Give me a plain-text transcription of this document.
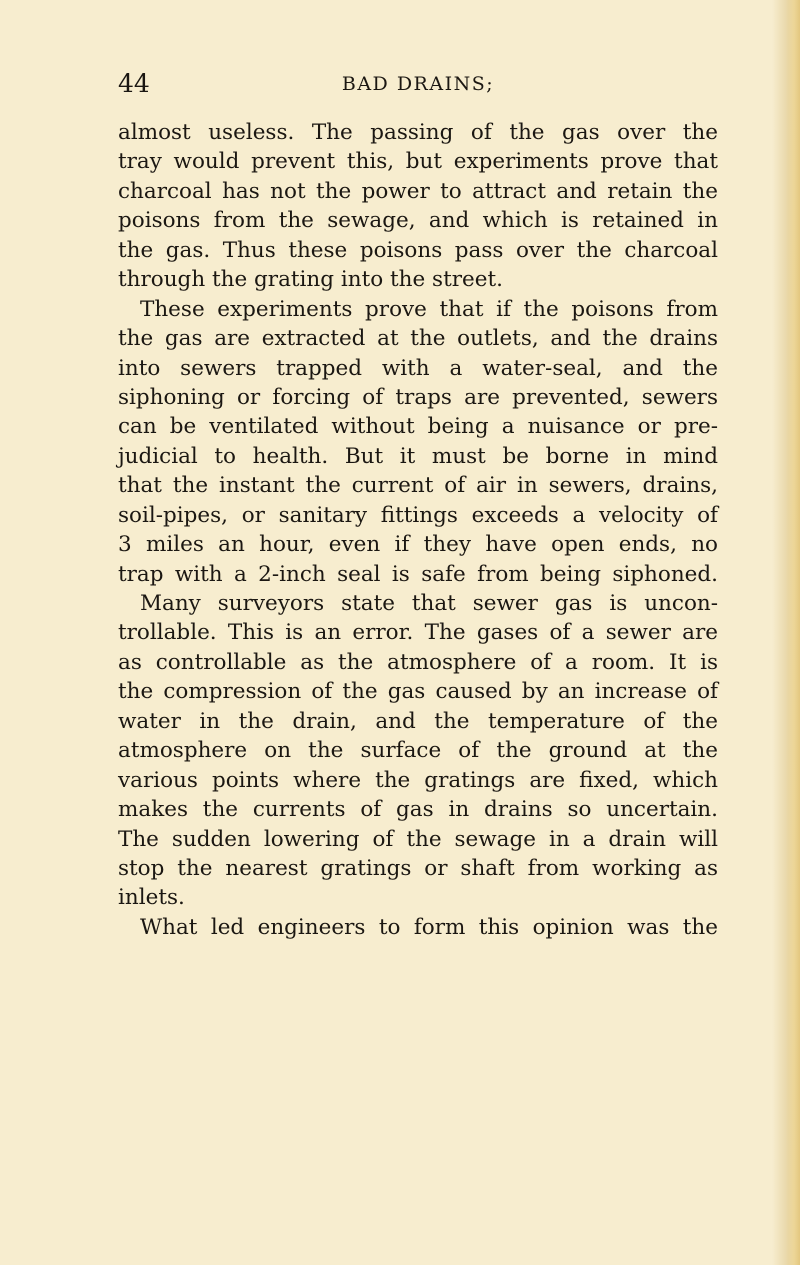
44	BAD DRAINS;
almost useless. The passing of the gas over the
tray would prevent this, but experiments prove that
charcoal has not the power to attract and retain the
poisons from the sewage, and which is retained in
the gas. Thus these poisons pass over the charcoal
through the grating into the street.
These experiments prove that if the poisons from
the gas are extracted at the outlets, and the drains
into sewers trapped with a water-seal, and the
siphoning or forcing of traps are prevented, sewers
can be ventilated without being a nuisance or pre-
judicial to health. But it must be borne in mind
that the instant the current of air in sewers, drains,
soil-pipes, or sanitary fittings exceeds a velocity of
3 miles an hour, even if they have open ends, no
trap with a 2-inch seal is safe from being siphoned.
Many surveyors state that sewer gas is uncon-
trollable. This is an error. The gases of a sewer are
as controllable as the atmosphere of a room. It is
the compression of the gas caused by an increase of
water in the drain, and the temperature of the
atmosphere on the surface of the ground at the
various points where the gratings are fixed, which
makes the currents of gas in drains so uncertain.
The sudden lowering of the sewage in a drain will
stop the nearest gratings or shaft from working as
inlets.
What led engineers to form this opinion was the
